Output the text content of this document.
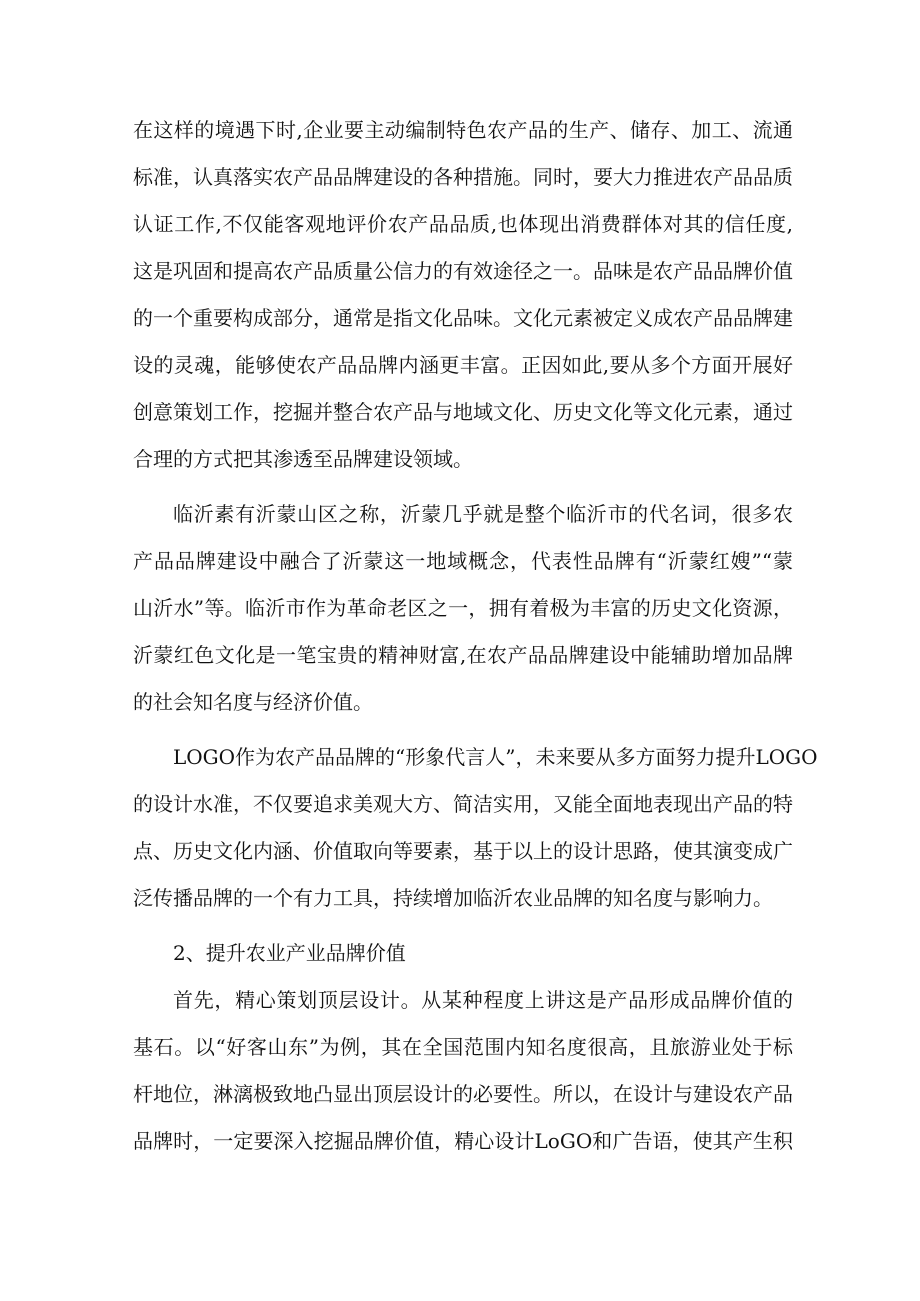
在这样的境遇下时,企业要主动编制特色农产品的生产、储存、加工、流通
标准，认真落实农产品品牌建设的各种措施。同时，要大力推进农产品品质
认证工作,不仅能客观地评价农产品品质,也体现出消费群体对其的信任度,
这是巩固和提高农产品质量公信力的有效途径之一。品味是农产品品牌价值
的一个重要构成部分，通常是指文化品味。文化元素被定义成农产品品牌建
设的灵魂，能够使农产品品牌内涵更丰富。正因如此,要从多个方面开展好
创意策划工作，挖掘并整合农产品与地域文化、历史文化等文化元素，通过
合理的方式把其渗透至品牌建设领域。
临沂素有沂蒙山区之称，沂蒙几乎就是整个临沂市的代名词，很多农
产品品牌建设中融合了沂蒙这一地域概念，代表性品牌有“沂蒙红嫂”“蒙
山沂水”等。临沂市作为革命老区之一，拥有着极为丰富的历史文化资源，
沂蒙红色文化是一笔宝贵的精神财富,在农产品品牌建设中能辅助增加品牌
的社会知名度与经济价值。
LOGO作为农产品品牌的“形象代言人”，未来要从多方面努力提升LOGO
的设计水准，不仅要追求美观大方、简洁实用，又能全面地表现出产品的特
点、历史文化内涵、价值取向等要素，基于以上的设计思路，使其演变成广
泛传播品牌的一个有力工具，持续增加临沂农业品牌的知名度与影响力。
2、提升农业产业品牌价值
首先，精心策划顶层设计。从某种程度上讲这是产品形成品牌价值的
基石。以“好客山东”为例，其在全国范围内知名度很高，且旅游业处于标
杆地位，淋漓极致地凸显出顶层设计的必要性。所以，在设计与建设农产品
品牌时，一定要深入挖掘品牌价值，精心设计LoGO和广告语，使其产生积
